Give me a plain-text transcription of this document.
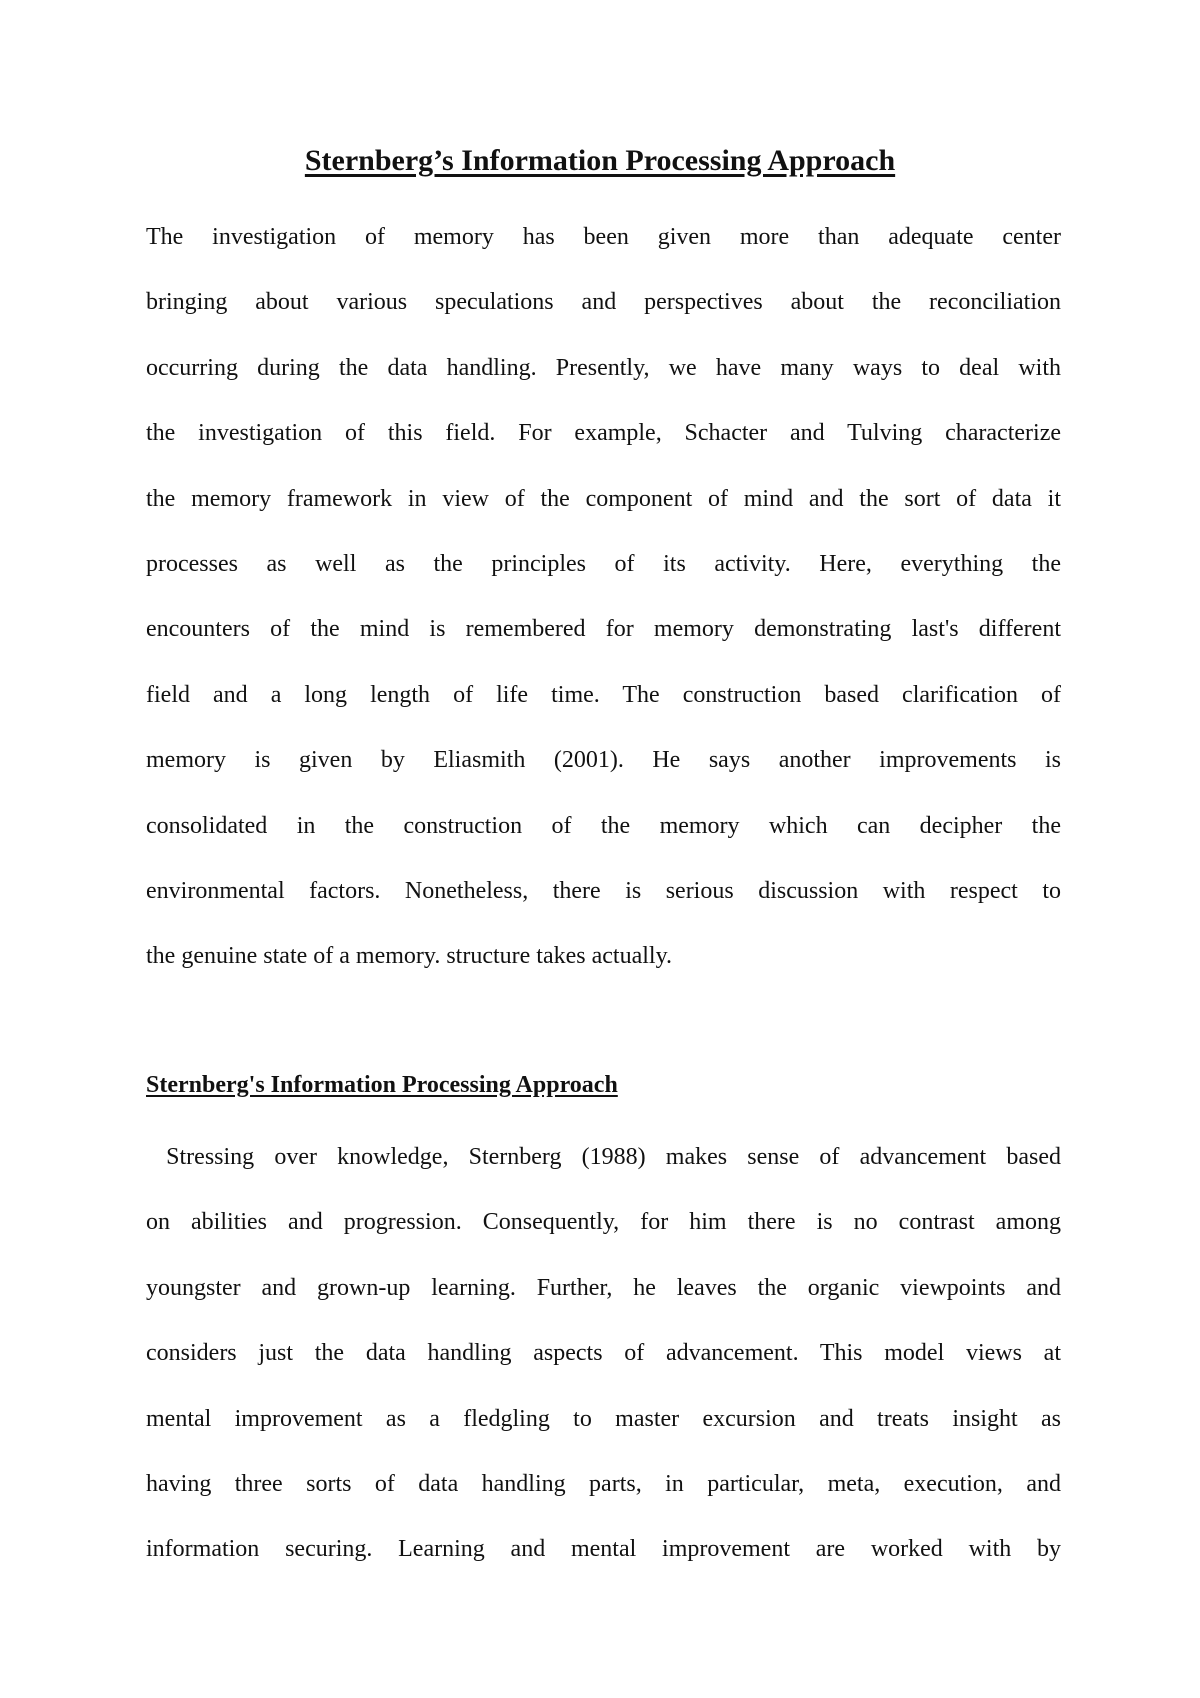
Sternberg’s Information Processing Approach
The investigation of memory has been given more than adequate center
bringing about various speculations and perspectives about the reconciliation
occurring during the data handling. Presently, we have many ways to deal with
the investigation of this field. For example, Schacter and Tulving characterize
the memory framework in view of the component of mind and the sort of data it
processes as well as the principles of its activity. Here, everything the
encounters of the mind is remembered for memory demonstrating last's different
field and a long length of life time. The construction based clarification of
memory is given by Eliasmith (2001). He says another improvements is
consolidated in the construction of the memory which can decipher the
environmental factors. Nonetheless, there is serious discussion with respect to
the genuine state of a memory. structure takes actually.
Sternberg's Information Processing Approach
Stressing over knowledge, Sternberg (1988) makes sense of advancement based
on abilities and progression. Consequently, for him there is no contrast among
youngster and grown-up learning. Further, he leaves the organic viewpoints and
considers just the data handling aspects of advancement. This model views at
mental improvement as a fledgling to master excursion and treats insight as
having three sorts of data handling parts, in particular, meta, execution, and
information securing. Learning and mental improvement are worked with by
